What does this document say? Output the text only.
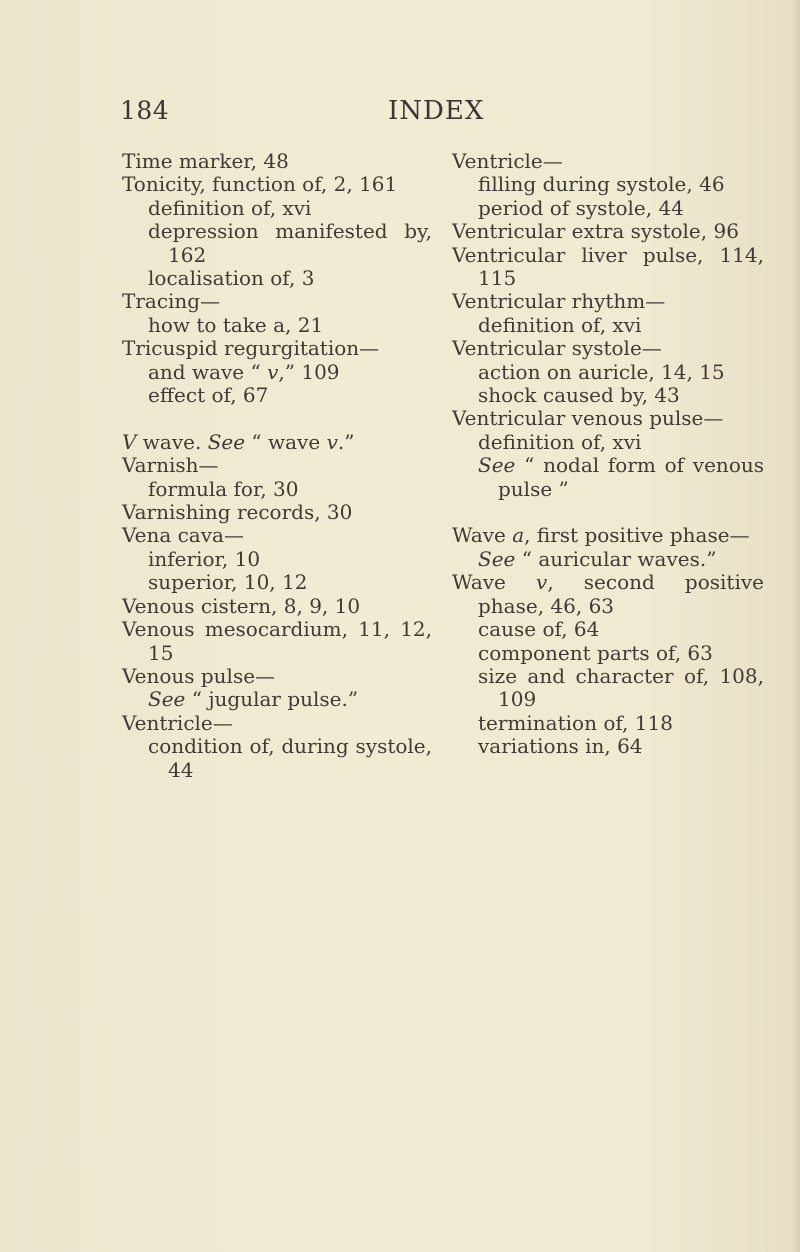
184	INDEX

Time marker, 48

Tonicity, function of, 2, 161

definition of, xvi

depression manifested by, 162

localisation of, 3

Tracing—

how to take a, 21

Tricuspid regurgitation—

and wave “ v,” 109

effect of, 67

V wave. See “ wave v.”

Varnish—

formula for, 30

Varnishing records, 30

Vena cava—

inferior, 10

superior, 10, 12

Venous cistern, 8, 9, 10

Venous mesocardium, 11, 12, 15

Venous pulse—

See “ jugular pulse.”

Ventricle—

condition of, during systole, 44

Ventricle—

filling during systole, 46

period of systole, 44

Ventricular extra systole, 96

Ventricular liver pulse, 114, 115

Ventricular rhythm—

definition of, xvi

Ventricular systole—

action on auricle, 14, 15

shock caused by, 43

Ventricular venous pulse—

definition of, xvi

See “ nodal form of venous pulse ”

Wave a, first positive phase—

See “ auricular waves.”

Wave v, second positive phase, 46, 63

cause of, 64

component parts of, 63

size and character of, 108, 109

termination of, 118

variations in, 64
